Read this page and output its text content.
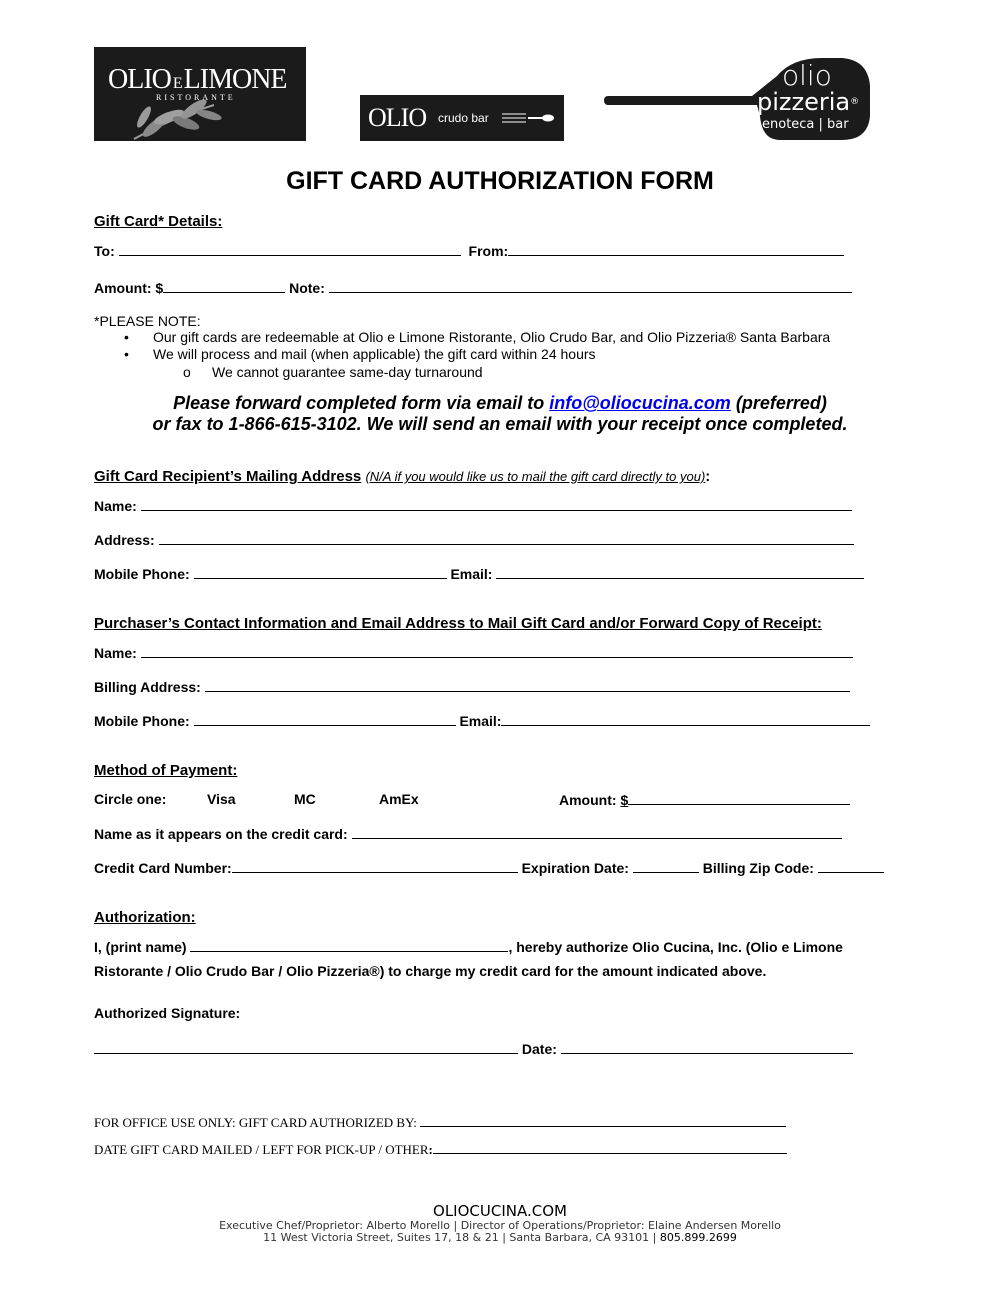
OLIO ELIMONE
RISTORANTE
OLIO crudo bar
olio
pizzeria®
enoteca | bar
GIFT CARD AUTHORIZATION FORM
Gift Card* Details:
To:	From:
Amount: $	Note:
*PLEASE NOTE:
• Our gift cards are redeemable at Olio e Limone Ristorante, Olio Crudo Bar, and Olio Pizzeria® Santa Barbara
• We will process and mail (when applicable) the gift card within 24 hours
o We cannot guarantee same-day turnaround
Please forward completed form via email to info@oliocucina.com (preferred)
or fax to 1-866-615-3102. We will send an email with your receipt once completed.
Gift Card Recipient’s Mailing Address (N/A if you would like us to mail the gift card directly to you):
Name:
Address:
Mobile Phone:	Email:
Purchaser’s Contact Information and Email Address to Mail Gift Card and/or Forward Copy of Receipt:
Name:
Billing Address:
Mobile Phone:	Email:
Method of Payment:
Circle one:	Visa	MC	AmEx	Amount: $
Name as it appears on the credit card:
Credit Card Number:	Expiration Date:	Billing Zip Code:
Authorization:
I, (print name)	, hereby authorize Olio Cucina, Inc. (Olio e Limone
Ristorante / Olio Crudo Bar / Olio Pizzeria®) to charge my credit card for the amount indicated above.
Authorized Signature:
Date:
FOR OFFICE USE ONLY: GIFT CARD AUTHORIZED BY:
DATE GIFT CARD MAILED / LEFT FOR PICK-UP / OTHER:
OLIOCUCINA.COM
Executive Chef/Proprietor: Alberto Morello | Director of Operations/Proprietor: Elaine Andersen Morello
11 West Victoria Street, Suites 17, 18 & 21 | Santa Barbara, CA 93101 | 805.899.2699
